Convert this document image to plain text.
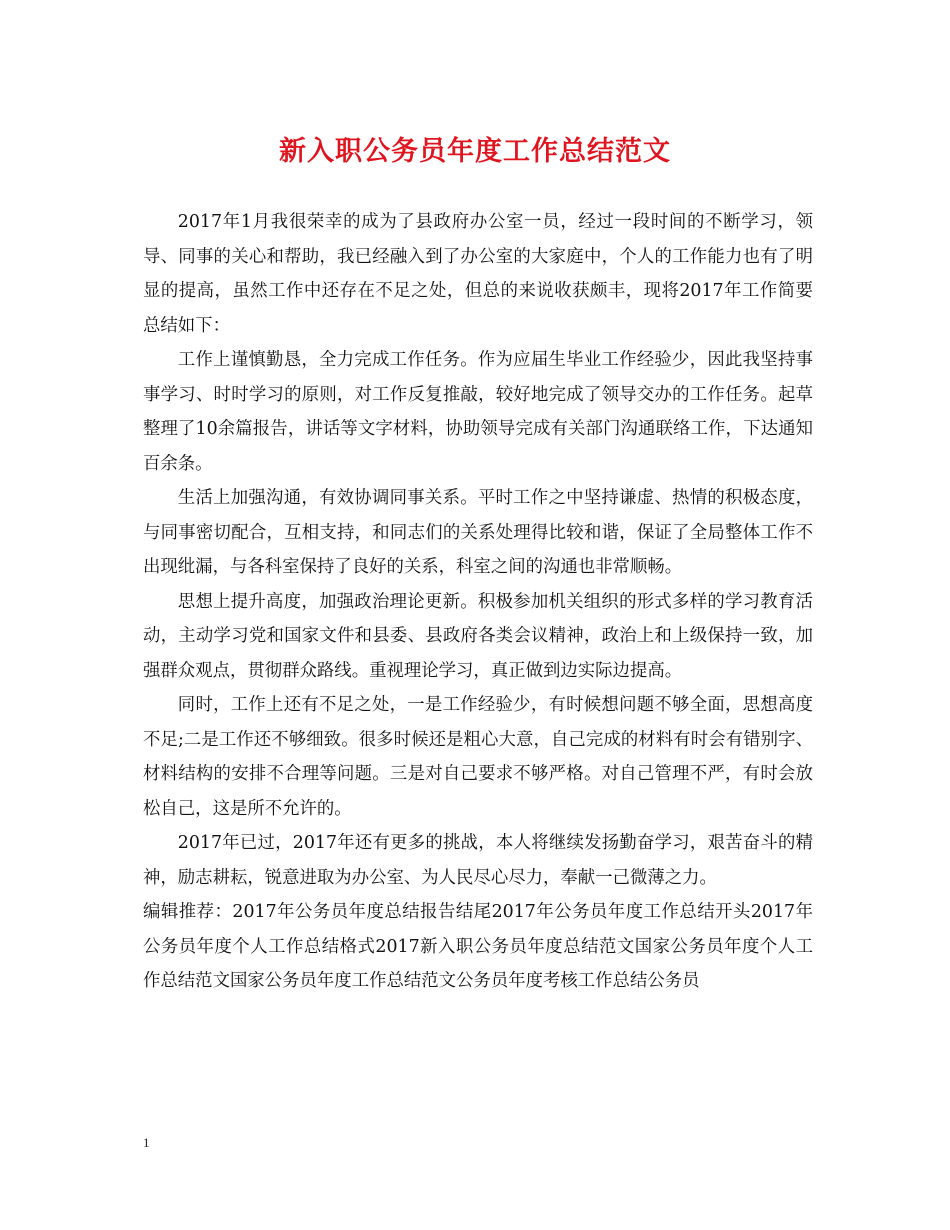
新入职公务员年度工作总结范文

2017年1月我很荣幸的成为了县政府办公室一员，经过一段时间的不断学习，领导、同事的关心和帮助，我已经融入到了办公室的大家庭中，个人的工作能力也有了明显的提高，虽然工作中还存在不足之处，但总的来说收获颇丰，现将2017年工作简要总结如下：

工作上谨慎勤恳，全力完成工作任务。作为应届生毕业工作经验少，因此我坚持事事学习、时时学习的原则，对工作反复推敲，较好地完成了领导交办的工作任务。起草整理了10余篇报告，讲话等文字材料，协助领导完成有关部门沟通联络工作，下达通知百余条。

生活上加强沟通，有效协调同事关系。平时工作之中坚持谦虚、热情的积极态度，与同事密切配合，互相支持，和同志们的关系处理得比较和谐，保证了全局整体工作不出现纰漏，与各科室保持了良好的关系，科室之间的沟通也非常顺畅。

思想上提升高度，加强政治理论更新。积极参加机关组织的形式多样的学习教育活动，主动学习党和国家文件和县委、县政府各类会议精神，政治上和上级保持一致，加强群众观点，贯彻群众路线。重视理论学习，真正做到边实际边提高。

同时，工作上还有不足之处，一是工作经验少，有时候想问题不够全面，思想高度不足;二是工作还不够细致。很多时候还是粗心大意，自己完成的材料有时会有错别字、材料结构的安排不合理等问题。三是对自己要求不够严格。对自己管理不严，有时会放松自己，这是所不允许的。

2017年已过，2017年还有更多的挑战，本人将继续发扬勤奋学习，艰苦奋斗的精神，励志耕耘，锐意进取为办公室、为人民尽心尽力，奉献一己微薄之力。

编辑推荐：2017年公务员年度总结报告结尾2017年公务员年度工作总结开头2017年公务员年度个人工作总结格式2017新入职公务员年度总结范文国家公务员年度个人工作总结范文国家公务员年度工作总结范文公务员年度考核工作总结公务员

1
